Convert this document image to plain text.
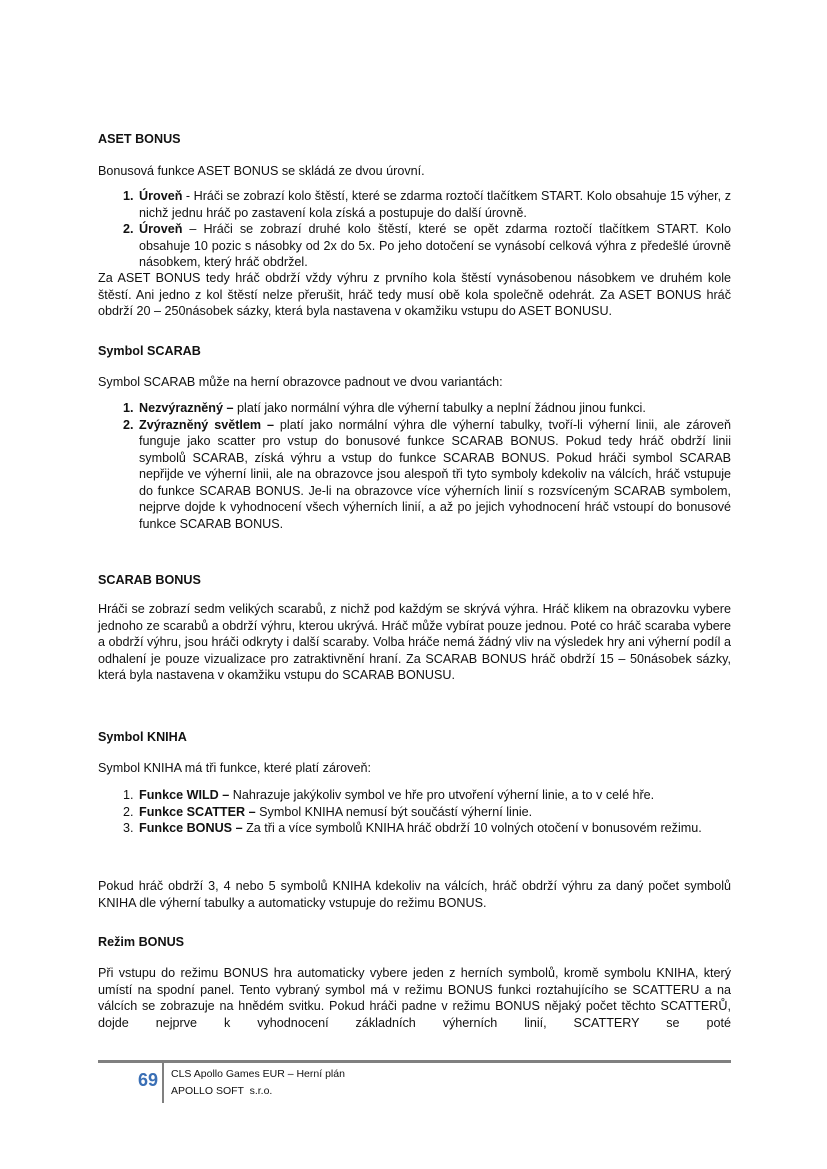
ASET BONUS
Bonusová funkce ASET BONUS se skládá ze dvou úrovní.
1. Úroveň - Hráči se zobrazí kolo štěstí, které se zdarma roztočí tlačítkem START. Kolo obsahuje 15 výher, z nichž jednu hráč po zastavení kola získá a postupuje do další úrovně.
2. Úroveň – Hráči se zobrazí druhé kolo štěstí, které se opět zdarma roztočí tlačítkem START. Kolo obsahuje 10 pozic s násobky od 2x do 5x. Po jeho dotočení se vynásobí celková výhra z předešlé úrovně násobkem, který hráč obdržel.
Za ASET BONUS tedy hráč obdrží vždy výhru z prvního kola štěstí vynásobenou násobkem ve druhém kole štěstí. Ani jedno z kol štěstí nelze přerušit, hráč tedy musí obě kola společně odehrát. Za ASET BONUS hráč obdrží 20 – 250násobek sázky, která byla nastavena v okamžiku vstupu do ASET BONUSU.
Symbol SCARAB
Symbol SCARAB může na herní obrazovce padnout ve dvou variantách:
1. Nezvýrazněný – platí jako normální výhra dle výherní tabulky a neplní žádnou jinou funkci.
2. Zvýrazněný světlem – platí jako normální výhra dle výherní tabulky, tvoří-li výherní linii, ale zároveň funguje jako scatter pro vstup do bonusové funkce SCARAB BONUS. Pokud tedy hráč obdrží linii symbolů SCARAB, získá výhru a vstup do funkce SCARAB BONUS. Pokud hráči symbol SCARAB nepřijde ve výherní linii, ale na obrazovce jsou alespoň tři tyto symboly kdekoliv na válcích, hráč vstupuje do funkce SCARAB BONUS. Je-li na obrazovce více výherních linií s rozsvíceným SCARAB symbolem, nejprve dojde k vyhodnocení všech výherních linií, a až po jejich vyhodnocení hráč vstoupí do bonusové funkce SCARAB BONUS.
SCARAB BONUS
Hráči se zobrazí sedm velikých scarabů, z nichž pod každým se skrývá výhra. Hráč klikem na obrazovku vybere jednoho ze scarabů a obdrží výhru, kterou ukrývá. Hráč může vybírat pouze jednou. Poté co hráč scaraba vybere a obdrží výhru, jsou hráči odkryty i další scaraby. Volba hráče nemá žádný vliv na výsledek hry ani výherní podíl a odhalení je pouze vizualizace pro zatraktivnění hraní. Za SCARAB BONUS hráč obdrží 15 – 50násobek sázky, která byla nastavena v okamžiku vstupu do SCARAB BONUSU.
Symbol KNIHA
Symbol KNIHA má tři funkce, které platí zároveň:
1. Funkce WILD – Nahrazuje jakýkoliv symbol ve hře pro utvoření výherní linie, a to v celé hře.
2. Funkce SCATTER – Symbol KNIHA nemusí být součástí výherní linie.
3. Funkce BONUS – Za tři a více symbolů KNIHA hráč obdrží 10 volných otočení v bonusovém režimu.
Pokud hráč obdrží 3, 4 nebo 5 symbolů KNIHA kdekoliv na válcích, hráč obdrží výhru za daný počet symbolů KNIHA dle výherní tabulky a automaticky vstupuje do režimu BONUS.
Režim BONUS
Při vstupu do režimu BONUS hra automaticky vybere jeden z herních symbolů, kromě symbolu KNIHA, který umístí na spodní panel. Tento vybraný symbol má v režimu BONUS funkci roztahujícího se SCATTERU a na válcích se zobrazuje na hnědém svitku. Pokud hráči padne v režimu BONUS nějaký počet těchto SCATTERŮ, dojde nejprve k vyhodnocení základních výherních linií, SCATTERY se poté
69 CLS Apollo Games EUR – Herní plán
APOLLO SOFT  s.r.o.
